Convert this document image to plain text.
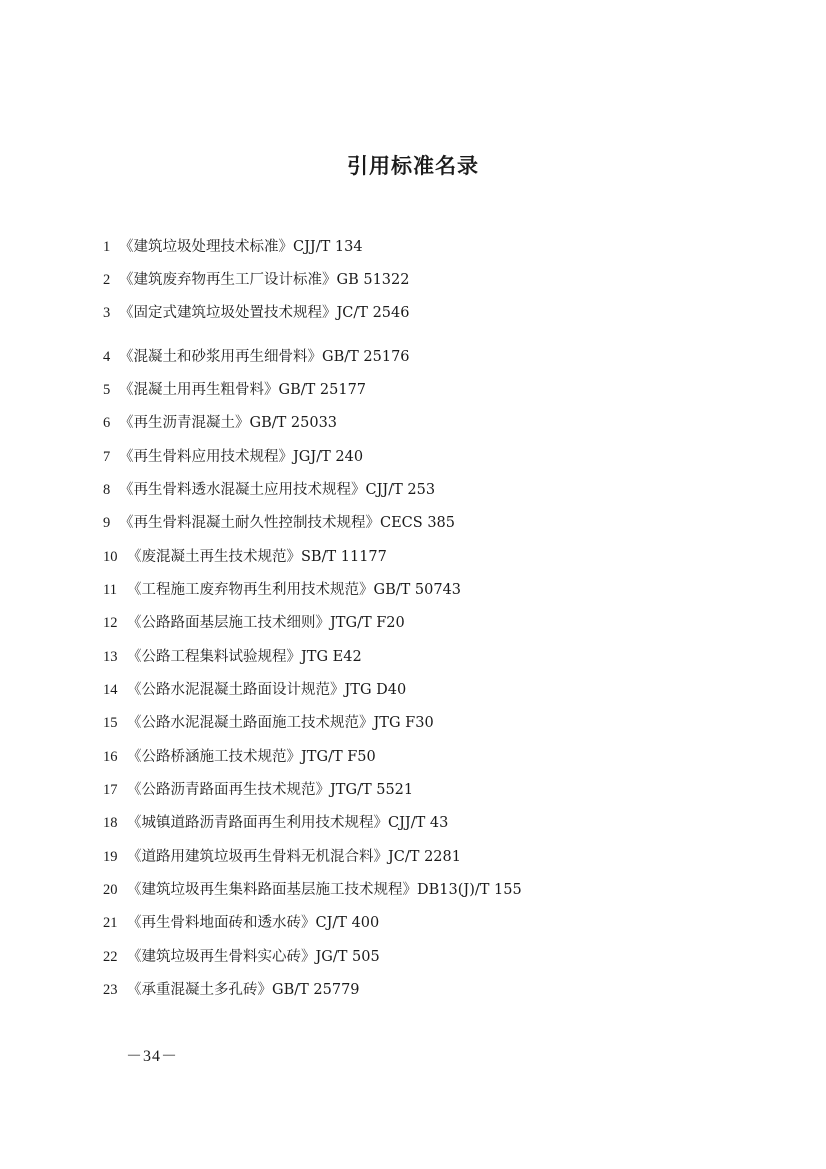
引用标准名录
1 《建筑垃圾处理技术标准》CJJ/T 134
2 《建筑废弃物再生工厂设计标准》GB 51322
3 《固定式建筑垃圾处置技术规程》JC/T 2546
4 《混凝土和砂浆用再生细骨料》GB/T 25176
5 《混凝土用再生粗骨料》GB/T 25177
6 《再生沥青混凝土》GB/T 25033
7 《再生骨料应用技术规程》JGJ/T 240
8 《再生骨料透水混凝土应用技术规程》CJJ/T 253
9 《再生骨料混凝土耐久性控制技术规程》CECS 385
10 《废混凝土再生技术规范》SB/T 11177
11 《工程施工废弃物再生利用技术规范》GB/T 50743
12 《公路路面基层施工技术细则》JTG/T F20
13 《公路工程集料试验规程》JTG E42
14 《公路水泥混凝土路面设计规范》JTG D40
15 《公路水泥混凝土路面施工技术规范》JTG F30
16 《公路桥涵施工技术规范》JTG/T F50
17 《公路沥青路面再生技术规范》JTG/T 5521
18 《城镇道路沥青路面再生利用技术规程》CJJ/T 43
19 《道路用建筑垃圾再生骨料无机混合料》JC/T 2281
20 《建筑垃圾再生集料路面基层施工技术规程》DB13(J)/T 155
21 《再生骨料地面砖和透水砖》CJ/T 400
22 《建筑垃圾再生骨料实心砖》JG/T 505
23 《承重混凝土多孔砖》GB/T 25779
－34－
